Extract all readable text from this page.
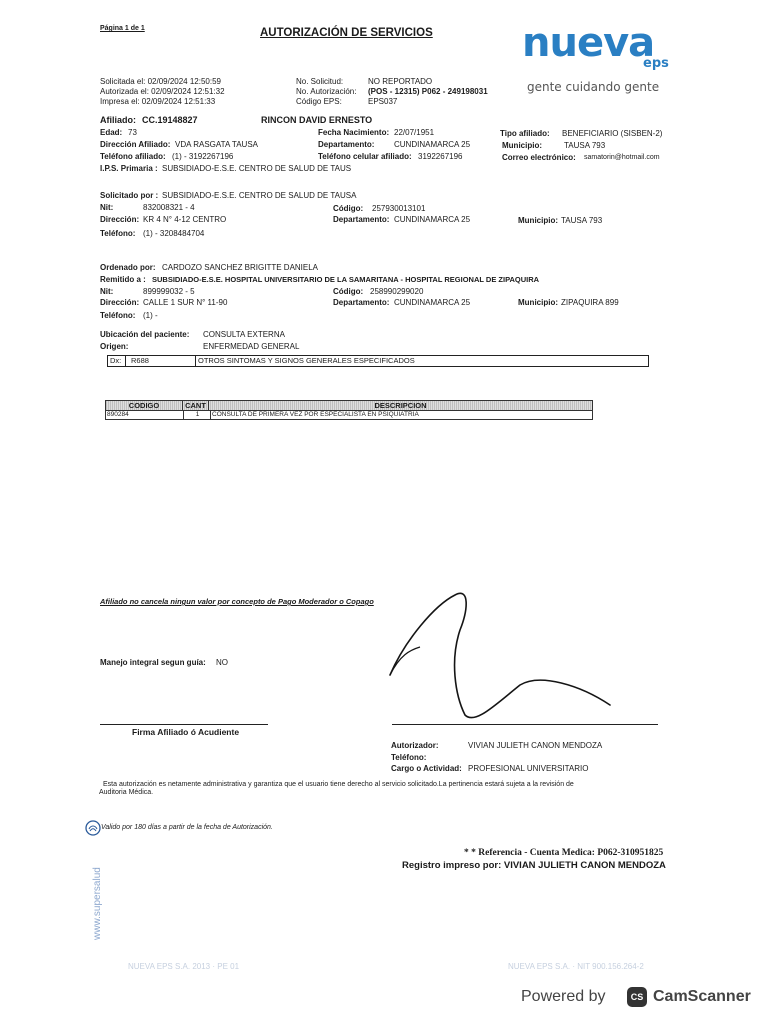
Página 1 de 1	AUTORIZACIÓN DE SERVICIOS nueva
eps
gente cuidando gente
Solicitada el: 02/09/2024 12:50:59
Autorizada el: 02/09/2024 12:51:32
Impresa el: 02/09/2024 12:51:33
No. Solicitud:	NO REPORTADO
No. Autorización: (POS - 12315) P062 - 249198031
Código EPS:	EPS037
Afiliado: CC.19148827	RINCON DAVID ERNESTO
Edad: 73	Fecha Nacimiento: 22/07/1951	Tipo afiliado: BENEFICIARIO (SISBEN-2)
Dirección Afiliado: VDA RASGATA TAUSA	Departamento: CUNDINAMARCA 25	Municipio:	TAUSA 793
Teléfono afiliado: (1) - 3192267196	Teléfono celular afiliado: 3192267196	Correo electrónico: samatorin@hotmail.com
I.P.S. Primaria : SUBSIDIADO-E.S.E. CENTRO DE SALUD DE TAUS
Solicitado por : SUBSIDIADO-E.S.E. CENTRO DE SALUD DE TAUSA
Nit:	832008321 - 4	Código: 257930013101
Dirección: KR 4 N° 4-12 CENTRO	Departamento: CUNDINAMARCA 25	Municipio: TAUSA 793
Teléfono: (1) - 3208484704
Ordenado por: CARDOZO SANCHEZ BRIGITTE DANIELA
Remitido a : SUBSIDIADO-E.S.E. HOSPITAL UNIVERSITARIO DE LA SAMARITANA - HOSPITAL REGIONAL DE ZIPAQUIRA
Nit:	899999032 - 5	Código: 258990299020
Dirección: CALLE 1 SUR N° 11-90	Departamento: CUNDINAMARCA 25	Municipio: ZIPAQUIRA 899
Teléfono: (1) -
Ubicación del paciente: CONSULTA EXTERNA
Origen:	ENFERMEDAD GENERAL
Dx:	R688	OTROS SINTOMAS Y SIGNOS GENERALES ESPECIFICADOS
CODIGO	CANT	DESCRIPCION
890284	1	CONSULTA DE PRIMERA VEZ POR ESPECIALISTA EN PSIQUIATRIA
Afiliado no cancela ningun valor por concepto de Pago Moderador o Copago
Manejo integral segun guía: NO
Firma Afiliado ó Acudiente
Autorizador:	VIVIAN JULIETH CANON MENDOZA
Teléfono:
Cargo o Actividad: PROFESIONAL UNIVERSITARIO
Esta autorización es netamente administrativa y garantiza que el usuario tiene derecho al servicio solicitado.La pertinencia estará sujeta a la revisión de
Auditoria Médica.
Valido por 180 días a partir de la fecha de Autorización.
www.supersalud
* * Referencia - Cuenta Medica: P062-310951825
Registro impreso por: VIVIAN JULIETH CANON MENDOZA
NUEVA EPS S.A. 2013 · PE 01	NUEVA EPS S.A. · NIT 900.156.264-2
Powered by	CS CamScanner
